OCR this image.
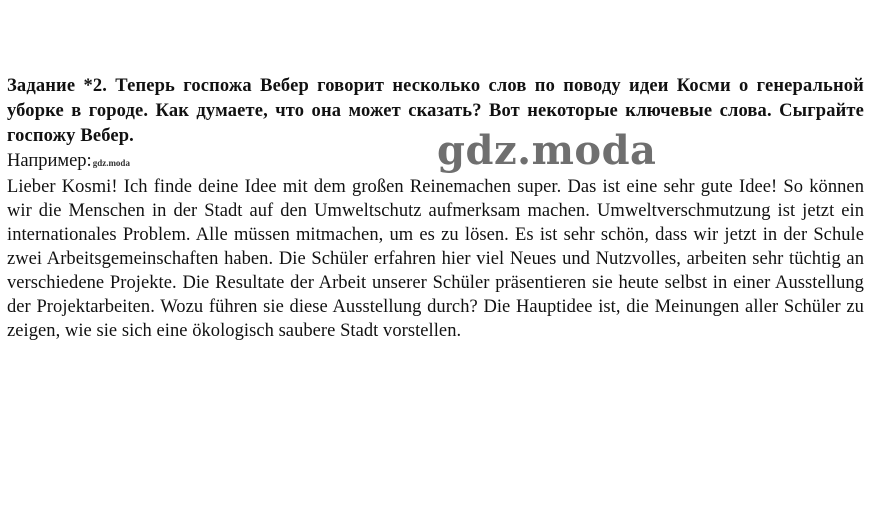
Задание *2. Теперь госпожа Вебер говорит несколько слов по поводу идеи Косми о генеральной уборке в городе. Как думаете, что она может сказать? Вот некоторые ключевые слова. Сыграйте госпожу Вебер.

Например:gdz.moda

Lieber Kosmi! Ich finde deine Idee mit dem großen Reinemachen super. Das ist eine sehr gute Idee! So können wir die Menschen in der Stadt auf den Umweltschutz aufmerksam machen. Umweltverschmutzung ist jetzt ein internationales Problem. Alle müssen mitmachen, um es zu lösen. Es ist sehr schön, dass wir jetzt in der Schule zwei Arbeitsgemeinschaften haben. Die Schüler erfahren hier viel Neues und Nutzvolles, arbeiten sehr tüchtig an verschiedene Projekte. Die Resultate der Arbeit unserer Schüler präsentieren sie heute selbst in einer Ausstellung der Projektarbeiten. Wozu führen sie diese Ausstellung durch? Die Hauptidee ist, die Meinungen aller Schüler zu zeigen, wie sie sich eine ökologisch saubere Stadt vorstellen.

gdz.moda
